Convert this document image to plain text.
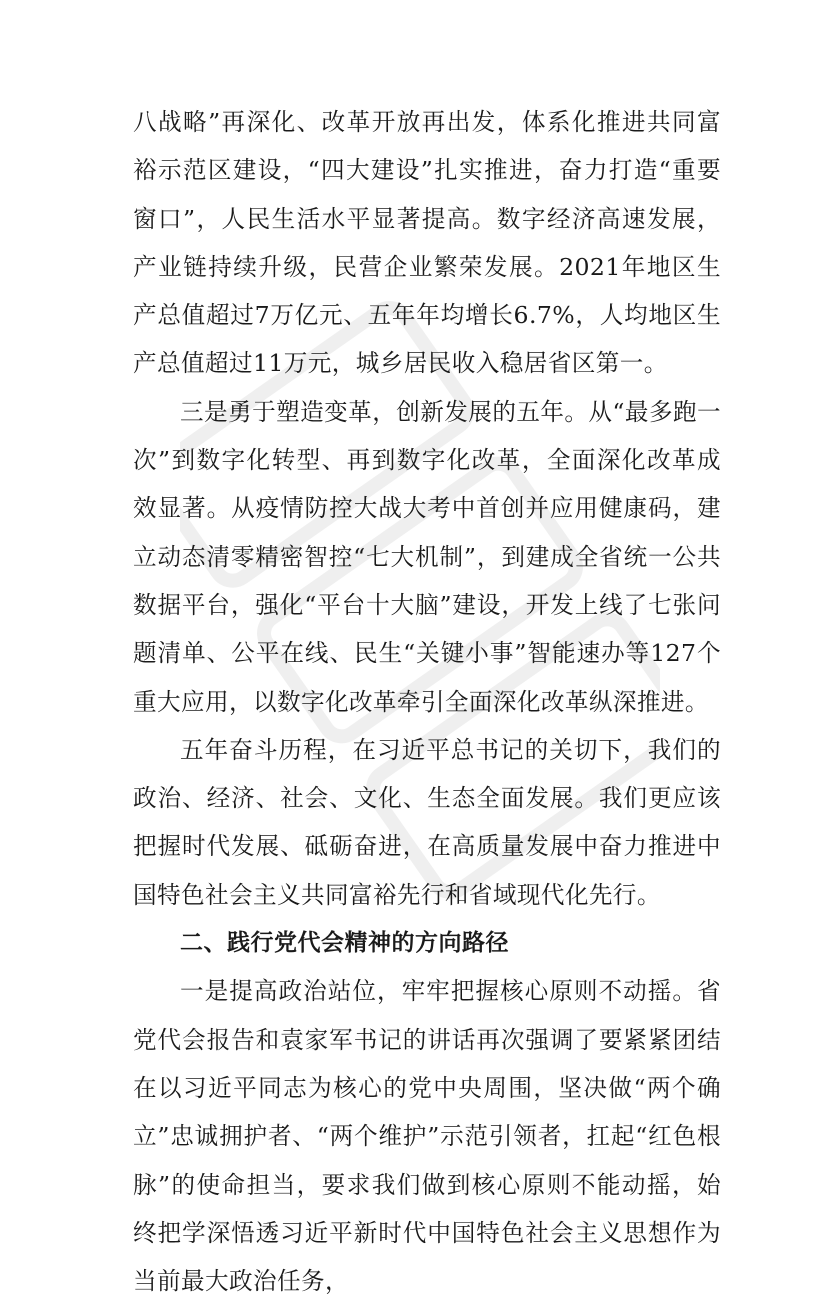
八战略”再深化、改革开放再出发，体系化推进共同富裕示范区建设，“四大建设”扎实推进，奋力打造“重要窗口”，人民生活水平显著提高。数字经济高速发展，产业链持续升级，民营企业繁荣发展。2021年地区生产总值超过7万亿元、五年年均增长6.7%，人均地区生产总值超过11万元，城乡居民收入稳居省区第一。

三是勇于塑造变革，创新发展的五年。从“最多跑一次”到数字化转型、再到数字化改革，全面深化改革成效显著。从疫情防控大战大考中首创并应用健康码，建立动态清零精密智控“七大机制”，到建成全省统一公共数据平台，强化“平台十大脑”建设，开发上线了七张问题清单、公平在线、民生“关键小事”智能速办等127个重大应用，以数字化改革牵引全面深化改革纵深推进。

五年奋斗历程，在习近平总书记的关切下，我们的政治、经济、社会、文化、生态全面发展。我们更应该把握时代发展、砥砺奋进，在高质量发展中奋力推进中国特色社会主义共同富裕先行和省域现代化先行。

二、践行党代会精神的方向路径

一是提高政治站位，牢牢把握核心原则不动摇。省党代会报告和袁家军书记的讲话再次强调了要紧紧团结在以习近平同志为核心的党中央周围，坚决做“两个确立”忠诚拥护者、“两个维护”示范引领者，扛起“红色根脉”的使命担当，要求我们做到核心原则不能动摇，始终把学深悟透习近平新时代中国特色社会主义思想作为当前最大政治任务，
